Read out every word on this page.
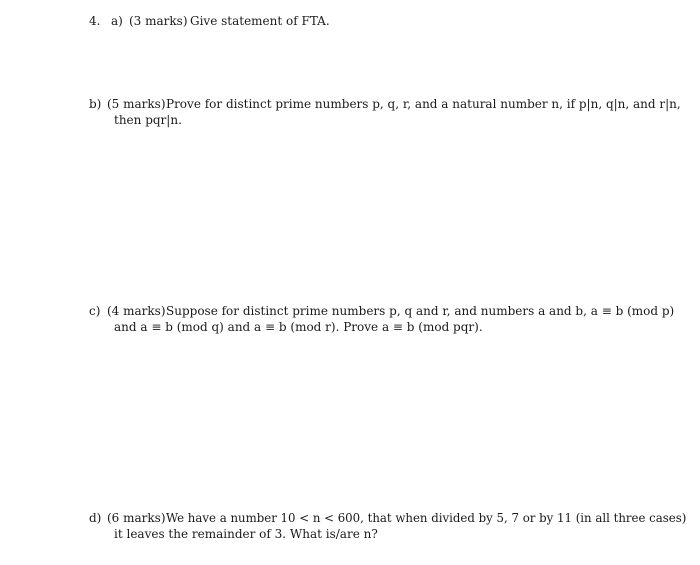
4. a) (3 marks) Give statement of FTA.
b) (5 marks) Prove for distinct prime numbers p, q, r, and a natural number n, if p|n, q|n, and r|n,
then pqr|n.
c) (4 marks) Suppose for distinct prime numbers p, q and r, and numbers a and b, a ≡ b (mod p)
and a ≡ b (mod q) and a ≡ b (mod r). Prove a ≡ b (mod pqr).
d) (6 marks) We have a number 10 < n < 600, that when divided by 5, 7 or by 11 (in all three cases)
it leaves the remainder of 3. What is/are n?
